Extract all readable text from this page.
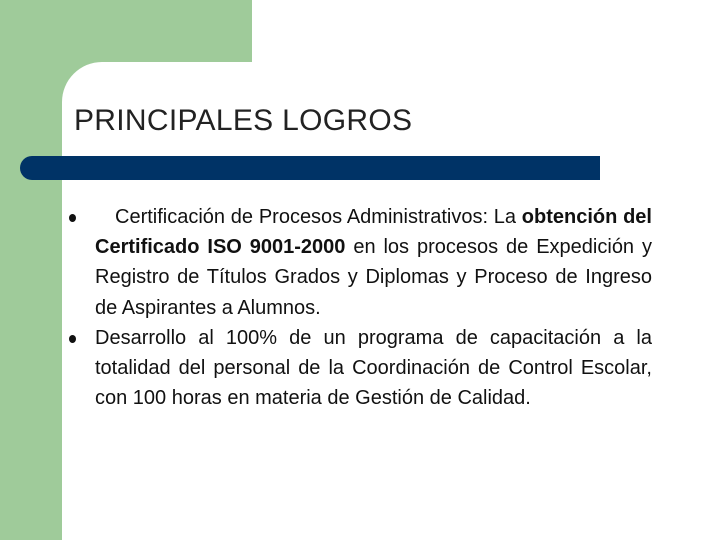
PRINCIPALES LOGROS
Certificación de Procesos Administrativos: La obtención del Certificado ISO 9001-2000 en los procesos de Expedición y Registro de Títulos Grados y Diplomas y Proceso de Ingreso de Aspirantes a Alumnos.
Desarrollo al 100% de un programa de capacitación a la totalidad del personal de la Coordinación de Control Escolar, con 100 horas en materia de Gestión de Calidad.
